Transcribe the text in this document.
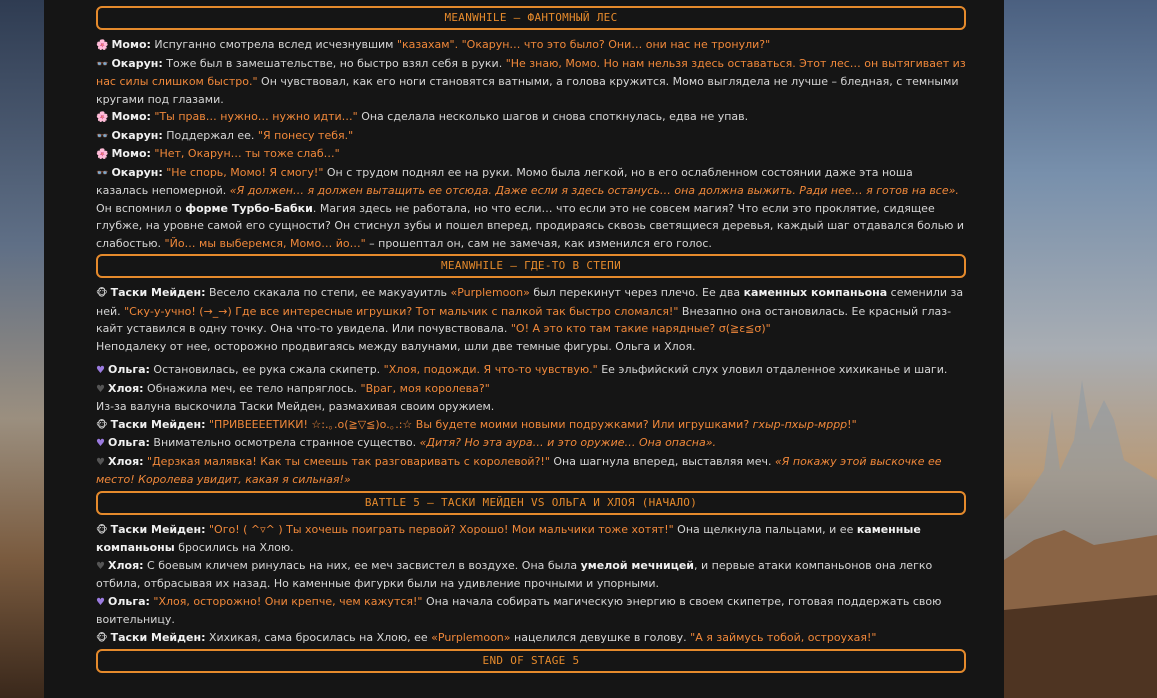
MEANWHILE – ФАНТОМНЫЙ ЛЕС

🌸 Момо: Испуганно смотрела вслед исчезнувшим "казахам". "Окарун… что это было? Они… они нас не тронули?"

👓 Окарун: Тоже был в замешательстве, но быстро взял себя в руки. "Не знаю, Момо. Но нам нельзя здесь оставаться. Этот лес… он вытягивает из нас силы слишком быстро." Он чувствовал, как его ноги становятся ватными, а голова кружится. Момо выглядела не лучше – бледная, с темными кругами под глазами.

🌸 Момо: "Ты прав… нужно… нужно идти…" Она сделала несколько шагов и снова споткнулась, едва не упав.

👓 Окарун: Поддержал ее. "Я понесу тебя."

🌸 Момо: "Нет, Окарун… ты тоже слаб…"

👓 Окарун: "Не спорь, Момо! Я смогу!" Он с трудом поднял ее на руки. Момо была легкой, но в его ослабленном состоянии даже эта ноша казалась непомерной. «Я должен… я должен вытащить ее отсюда. Даже если я здесь останусь… она должна выжить. Ради нее… я готов на все». Он вспомнил о форме Турбо-Бабки. Магия здесь не работала, но что если… что если это не совсем магия? Что если это проклятие, сидящее глубже, на уровне самой его сущности? Он стиснул зубы и пошел вперед, продираясь сквозь светящиеся деревья, каждый шаг отдавался болью и слабостью. "Йо… мы выберемся, Момо… йо…" – прошептал он, сам не замечая, как изменился его голос.

MEANWHILE – ГДЕ-ТО В СТЕПИ

🐵 Таски Мейден: Весело скакала по степи, ее макуауитль «Purplemoon» был перекинут через плечо. Ее два каменных компаньона семенили за ней. "Ску-у-учно! (→_→) Где все интересные игрушки? Тот мальчик с палкой так быстро сломался!" Внезапно она остановилась. Ее красный глаз-кайт уставился в одну точку. Она что-то увидела. Или почувствовала. "О! А это кто там такие нарядные? σ(≧ε≦σ)"

Неподалеку от нее, осторожно продвигаясь между валунами, шли две темные фигуры. Ольга и Хлоя.

♥ Ольга: Остановилась, ее рука сжала скипетр. "Хлоя, подожди. Я что-то чувствую." Ее эльфийский слух уловил отдаленное хихиканье и шаги.

♥ Хлоя: Обнажила меч, ее тело напряглось. "Враг, моя королева?"

Из-за валуна выскочила Таски Мейден, размахивая своим оружием.

🐵 Таски Мейден: "ПРИВЕЕЕЕТИКИ! ☆:.｡.o(≧▽≦)o.｡.:☆ Вы будете моими новыми подружками? Или игрушками? гхыр-пхыр-мррр!"

♥ Ольга: Внимательно осмотрела странное существо. «Дитя? Но эта аура… и это оружие… Она опасна».

♥ Хлоя: "Дерзкая малявка! Как ты смеешь так разговаривать с королевой?!" Она шагнула вперед, выставляя меч. «Я покажу этой выскочке ее место! Королева увидит, какая я сильная!»

BATTLE 5 – ТАСКИ МЕЙДЕН VS ОЛЬГА И ХЛОЯ (НАЧАЛО)

🐵 Таски Мейден: "Ого! ( ^▿^ ) Ты хочешь поиграть первой? Хорошо! Мои мальчики тоже хотят!" Она щелкнула пальцами, и ее каменные компаньоны бросились на Хлою.

♥ Хлоя: С боевым кличем ринулась на них, ее меч засвистел в воздухе. Она была умелой мечницей, и первые атаки компаньонов она легко отбила, отбрасывая их назад. Но каменные фигурки были на удивление прочными и упорными.

♥ Ольга: "Хлоя, осторожно! Они крепче, чем кажутся!" Она начала собирать магическую энергию в своем скипетре, готовая поддержать свою воительницу.

🐵 Таски Мейден: Хихикая, сама бросилась на Хлою, ее «Purplemoon» нацелился девушке в голову. "А я займусь тобой, остроухая!"

END OF STAGE 5
